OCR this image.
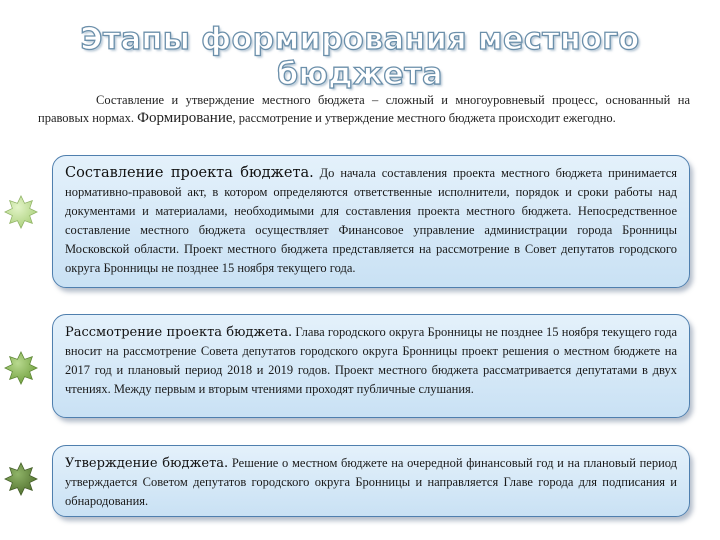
Этапы формирования местного бюджета

Составление и утверждение местного бюджета – сложный и многоуровневый процесс, основанный на правовых нормах. Формирование, рассмотрение и утверждение местного бюджета происходит ежегодно.

Составление проекта бюджета. До начала составления проекта местного бюджета принимается нормативно-правовой акт, в котором определяются ответственные исполнители, порядок и сроки работы над документами и материалами, необходимыми для составления проекта местного бюджета. Непосредственное составление местного бюджета осуществляет Финансовое управление администрации города Бронницы Московской области. Проект местного бюджета представляется на рассмотрение в Совет депутатов городского округа Бронницы не позднее 15 ноября текущего года.
Рассмотрение проекта бюджета. Глава городского округа Бронницы не позднее 15 ноября текущего года вносит на рассмотрение Совета депутатов городского округа Бронницы проект решения о местном бюджете на 2017 год и плановый период 2018 и 2019 годов. Проект местного бюджета рассматривается депутатами в двух чтениях. Между первым и вторым чтениями проходят публичные слушания.
Утверждение бюджета. Решение о местном бюджете на очередной финансовый год и на плановый период утверждается Советом депутатов городского округа Бронницы и направляется Главе города для подписания и обнародования.
